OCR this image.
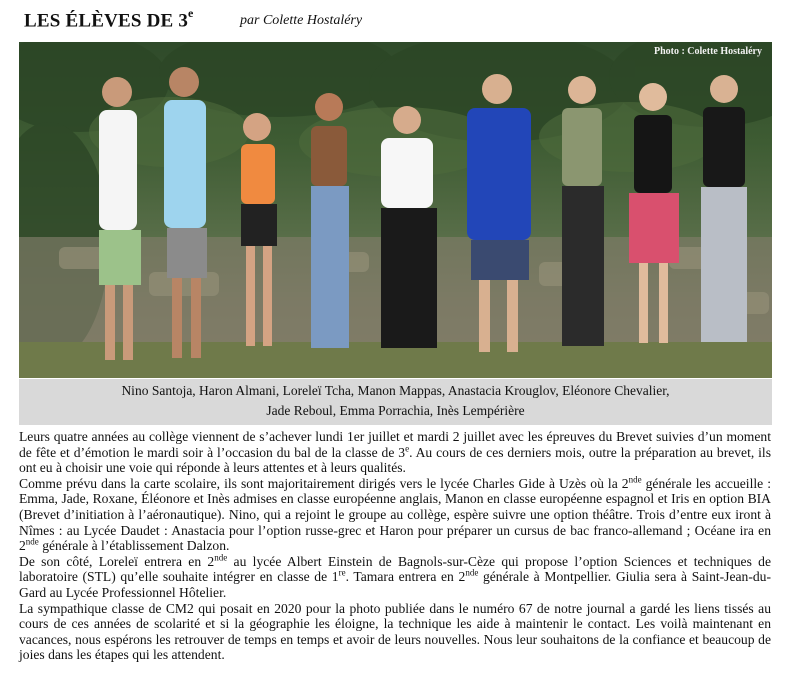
LES ÉLÈVES DE 3e	par Colette Hostaléry
Photo : Colette Hostaléry
Nino Santoja, Haron Almani, Loreleï Tcha, Manon Mappas, Anastacia Krouglov, Eléonore Chevalier,
Jade Reboul, Emma Porrachia, Inès Lempérière

Leurs quatre années au collège viennent de s’achever lundi 1er juillet et mardi 2 juillet avec les épreuves du Brevet suivies d’un moment de fête et d’émotion le mardi soir à l’occasion du bal de la classe de 3e. Au cours de ces derniers mois, outre la préparation au brevet, ils ont eu à choisir une voie qui réponde à leurs attentes et à leurs qualités.

Comme prévu dans la carte scolaire, ils sont majoritairement dirigés vers le lycée Charles Gide à Uzès où la 2nde générale les accueille : Emma, Jade, Roxane, Éléonore et Inès admises en classe européenne anglais, Manon en classe européenne espagnol et Iris en option BIA (Brevet d’initiation à l’aéronautique). Nino, qui a rejoint le groupe au collège, espère suivre une option théâtre. Trois d’entre eux iront à Nîmes : au Lycée Daudet : Anastacia pour l’option russe-grec et Haron pour préparer un cursus de bac franco-allemand ; Océane ira en 2nde générale à l’établissement Dalzon.

De son côté, Loreleï entrera en 2nde au lycée Albert Einstein de Bagnols-sur-Cèze qui propose l’option Sciences et techniques de laboratoire (STL) qu’elle souhaite intégrer en classe de 1re. Tamara entrera en 2nde générale à Montpellier. Giulia sera à Saint-Jean-du-Gard au Lycée Professionnel Hôtelier.

La sympathique classe de CM2 qui posait en 2020 pour la photo publiée dans le numéro 67 de notre journal a gardé les liens tissés au cours de ces années de scolarité et si la géographie les éloigne, la technique les aide à maintenir le contact. Les voilà maintenant en vacances, nous espérons les retrouver de temps en temps et avoir de leurs nouvelles. Nous leur souhaitons de la confiance et beaucoup de joies dans les étapes qui les attendent.
